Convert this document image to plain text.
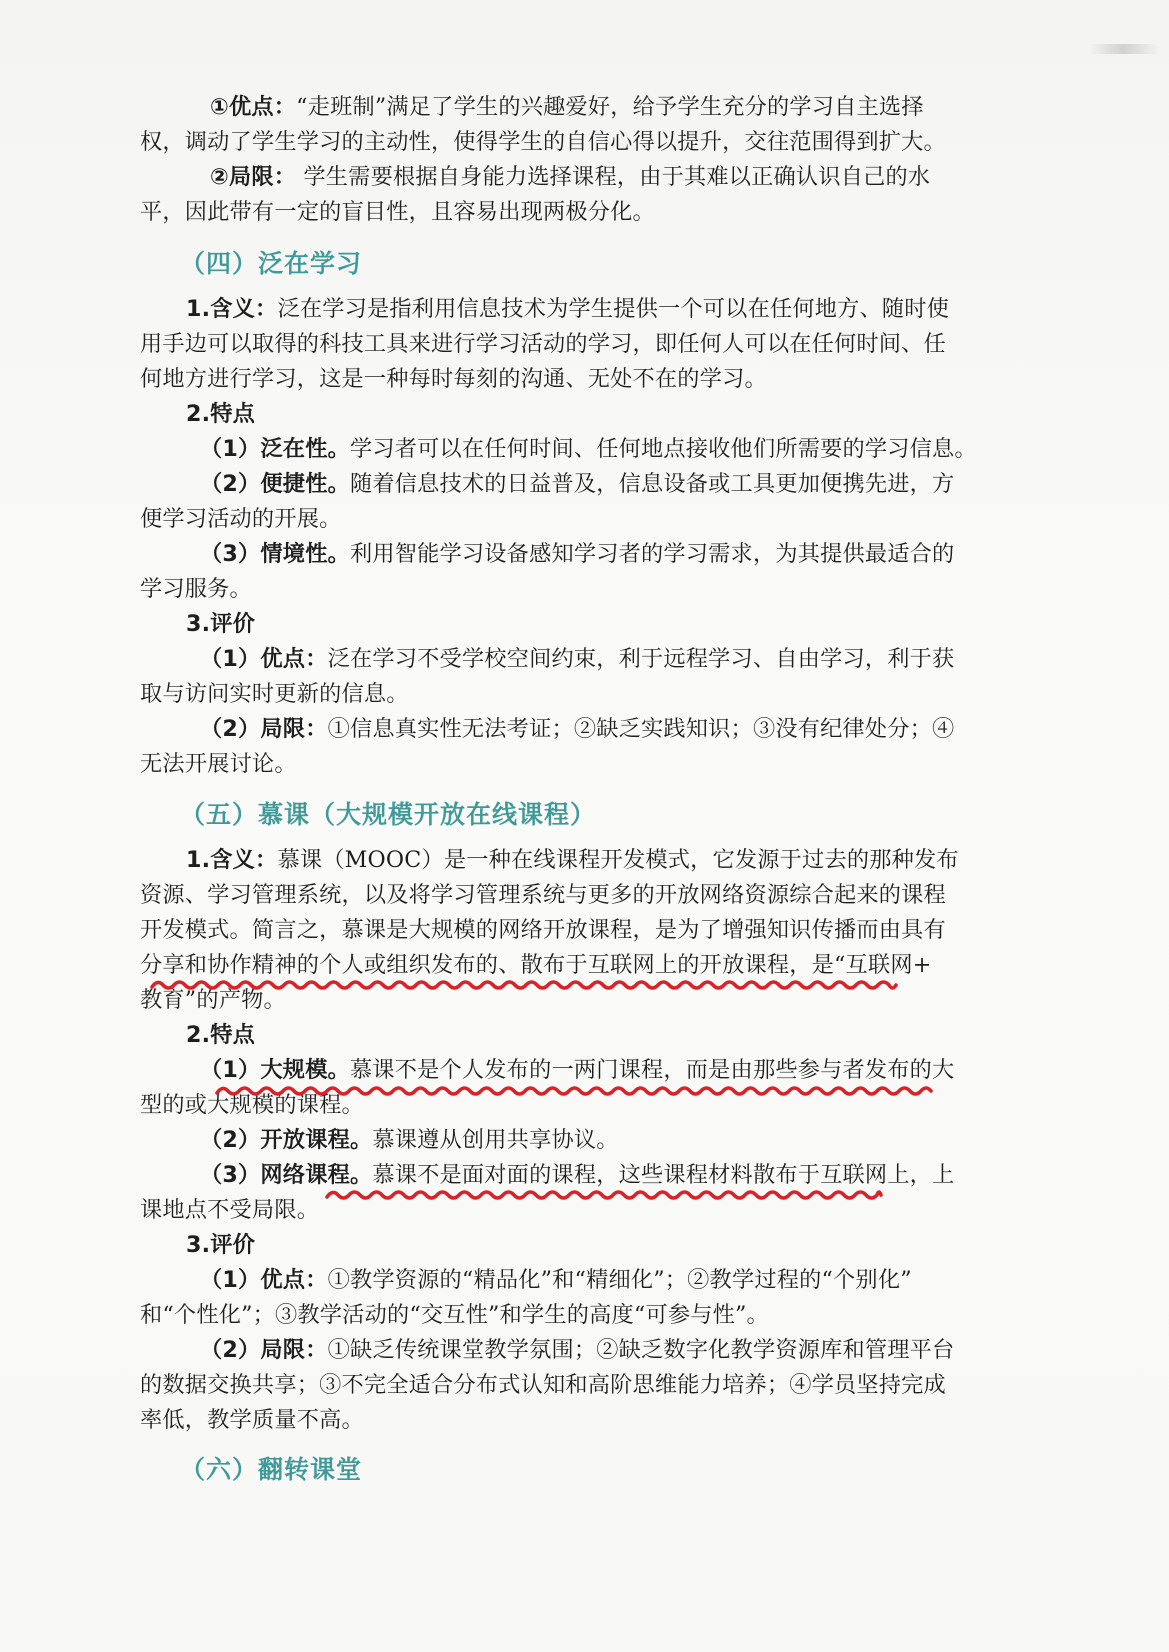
①优点：“走班制”满足了学生的兴趣爱好，给予学生充分的学习自主选择
权，调动了学生学习的主动性，使得学生的自信心得以提升，交往范围得到扩大。
②局限： 学生需要根据自身能力选择课程，由于其难以正确认识自己的水
平，因此带有一定的盲目性，且容易出现两极分化。
（四）泛在学习
1.含义：泛在学习是指利用信息技术为学生提供一个可以在任何地方、随时使
用手边可以取得的科技工具来进行学习活动的学习，即任何人可以在任何时间、任
何地方进行学习，这是一种每时每刻的沟通、无处不在的学习。
2.特点
（1）泛在性。学习者可以在任何时间、任何地点接收他们所需要的学习信息。
（2）便捷性。随着信息技术的日益普及，信息设备或工具更加便携先进，方
便学习活动的开展。
（3）情境性。利用智能学习设备感知学习者的学习需求，为其提供最适合的
学习服务。
3.评价
（1）优点：泛在学习不受学校空间约束，利于远程学习、自由学习，利于获
取与访问实时更新的信息。
（2）局限：①信息真实性无法考证；②缺乏实践知识；③没有纪律处分；④
无法开展讨论。
（五）慕课（大规模开放在线课程）
1.含义：慕课（MOOC）是一种在线课程开发模式，它发源于过去的那种发布
资源、学习管理系统，以及将学习管理系统与更多的开放网络资源综合起来的课程
开发模式。简言之，慕课是大规模的网络开放课程，是为了增强知识传播而由具有
分享和协作精神的个人或组织发布的、散布于互联网上的开放课程，是“互联网+
教育”的产物。
2.特点
（1）大规模。慕课不是个人发布的一两门课程，而是由那些参与者发布的大
型的或大规模的课程。
（2）开放课程。慕课遵从创用共享协议。
（3）网络课程。慕课不是面对面的课程，这些课程材料散布于互联网上，上
课地点不受局限。
3.评价
（1）优点：①教学资源的“精品化”和“精细化”；②教学过程的“个别化”
和“个性化”；③教学活动的“交互性”和学生的高度“可参与性”。
（2）局限：①缺乏传统课堂教学氛围；②缺乏数字化教学资源库和管理平台
的数据交换共享；③不完全适合分布式认知和高阶思维能力培养；④学员坚持完成
率低，教学质量不高。
（六）翻转课堂
